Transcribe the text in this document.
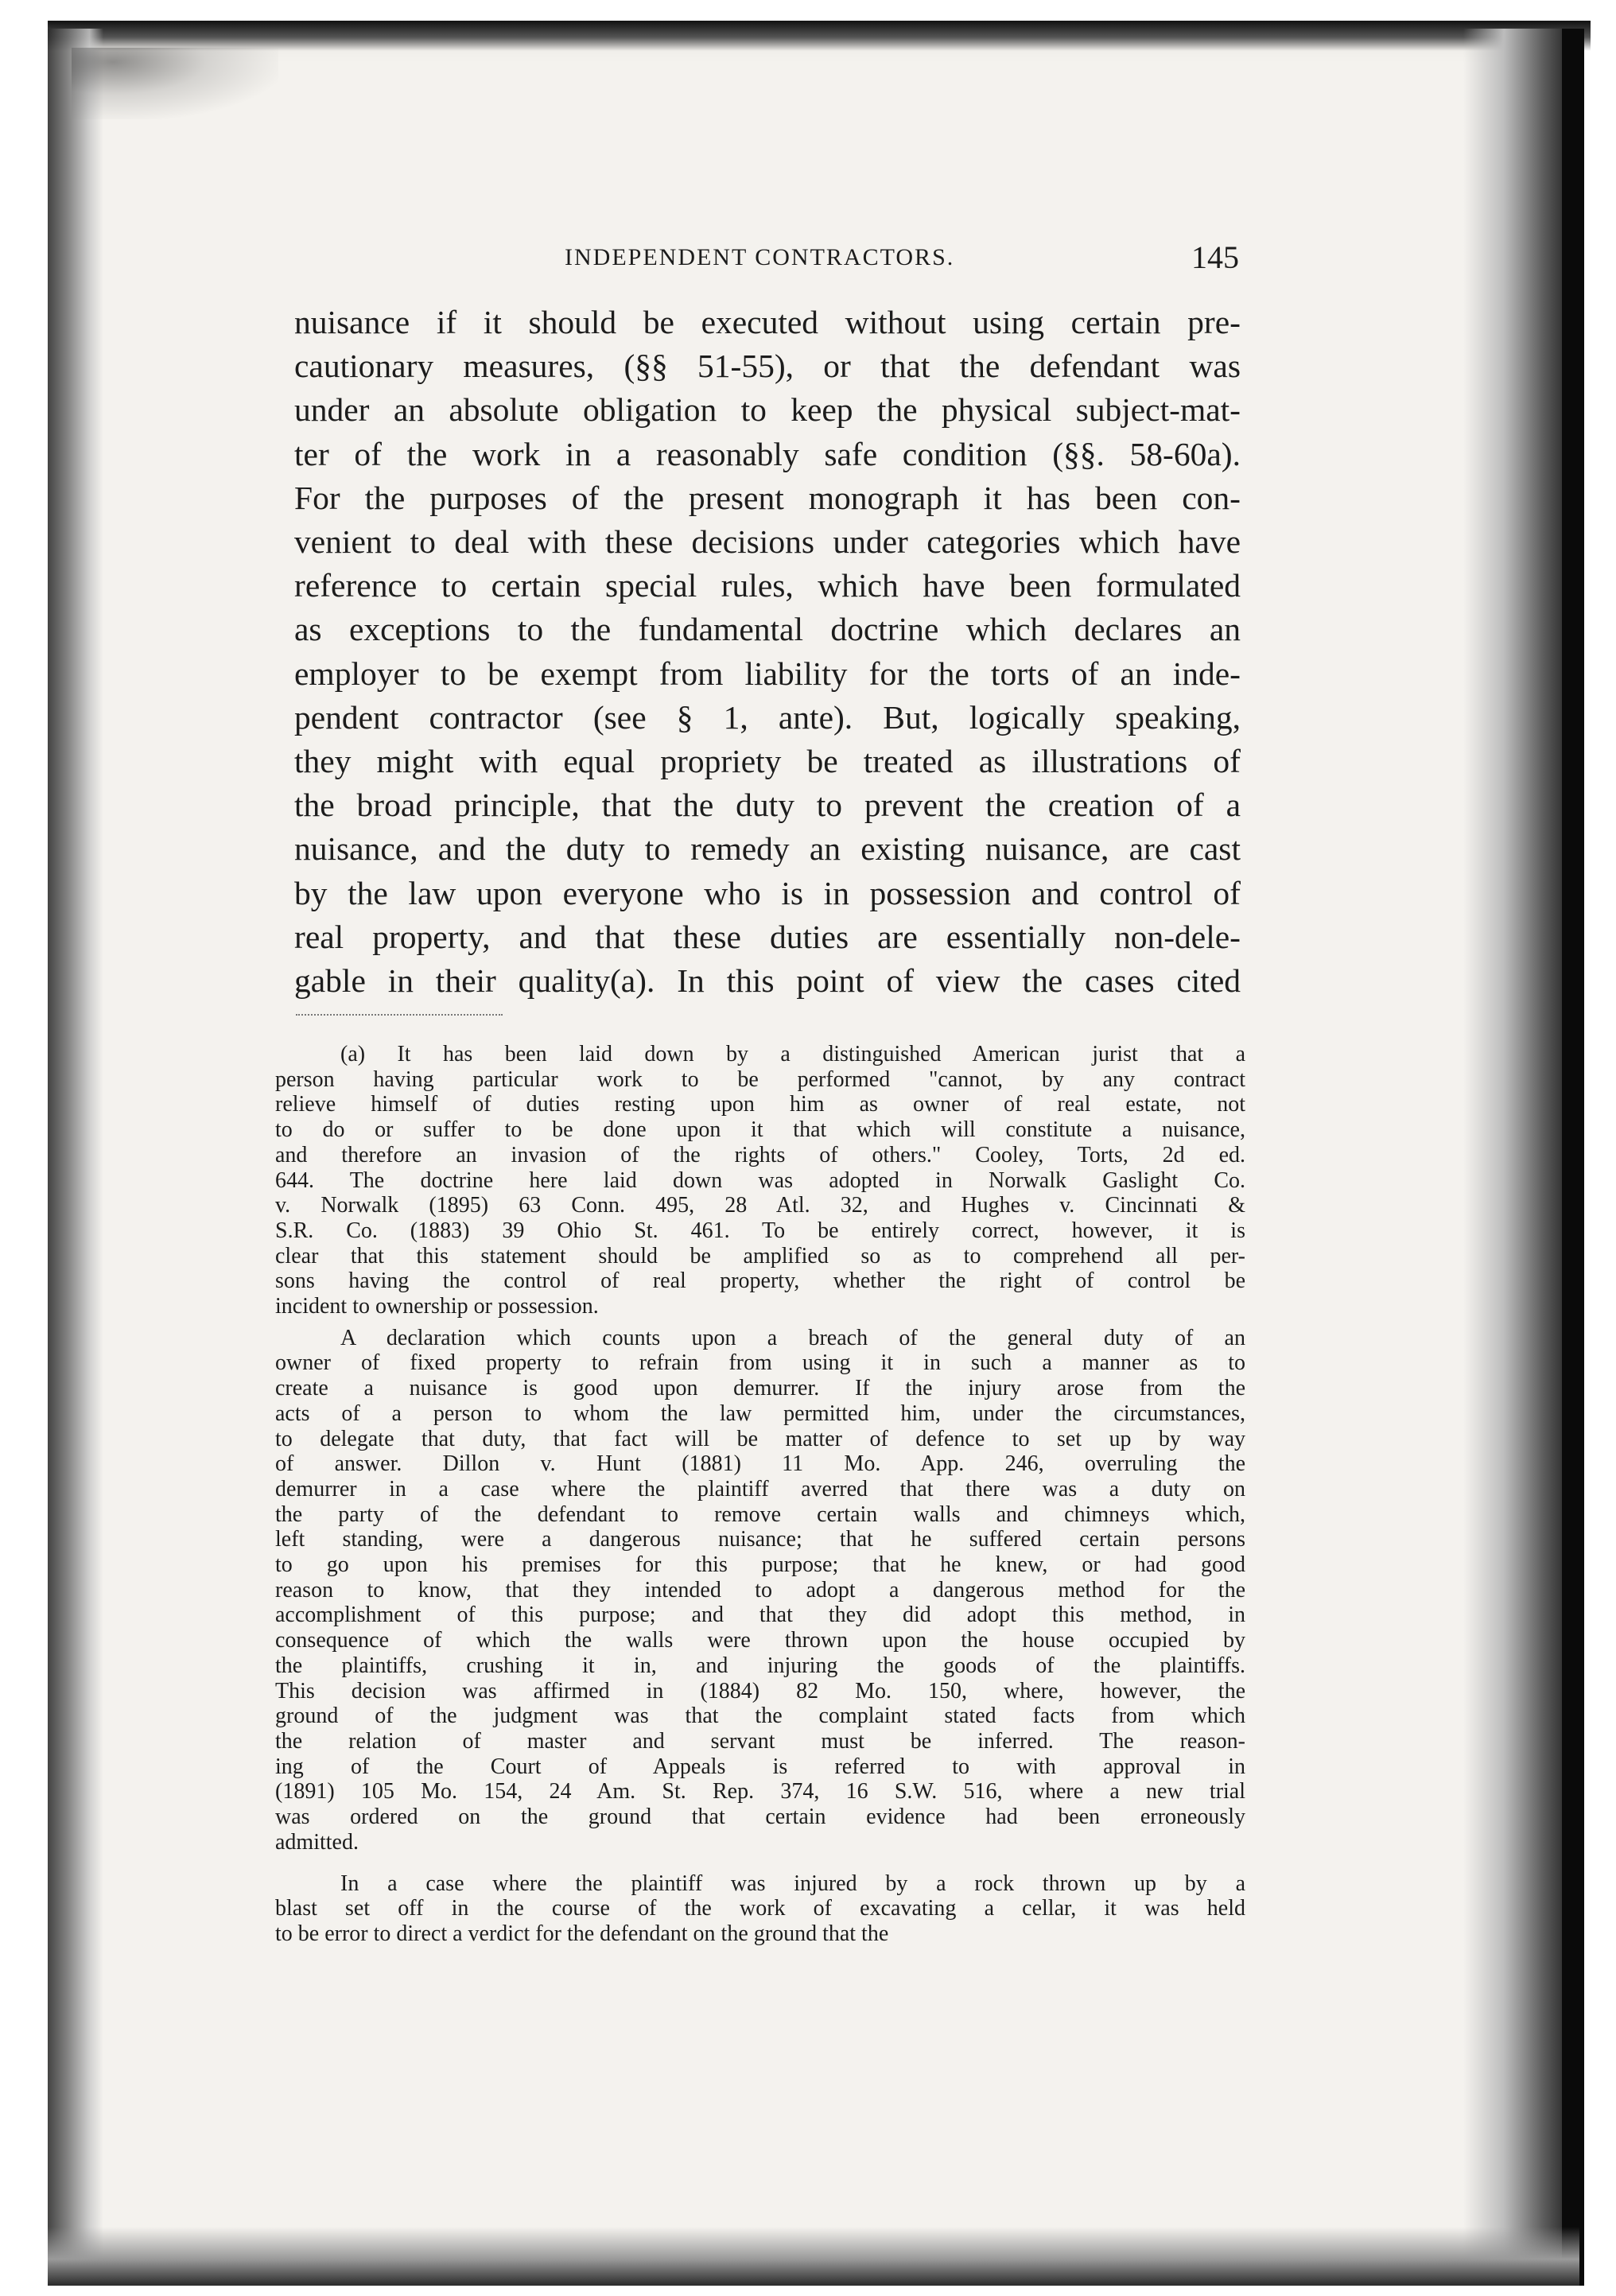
INDEPENDENT CONTRACTORS.	145
nuisance if it should be executed without using certain pre-
cautionary measures, (§§ 51-55), or that the defendant was
under an absolute obligation to keep the physical subject-mat-
ter of the work in a reasonably safe condition (§§. 58-60a).
For the purposes of the present monograph it has been con-
venient to deal with these decisions under categories which have
reference to certain special rules, which have been formulated
as exceptions to the fundamental doctrine which declares an
employer to be exempt from liability for the torts of an inde-
pendent contractor (see § 1, ante). But, logically speaking,
they might with equal propriety be treated as illustrations of
the broad principle, that the duty to prevent the creation of a
nuisance, and the duty to remedy an existing nuisance, are cast
by the law upon everyone who is in possession and control of
real property, and that these duties are essentially non-dele-
gable in their quality(a). In this point of view the cases cited
(a) It has been laid down by a distinguished American jurist that a
person having particular work to be performed "cannot, by any contract
relieve himself of duties resting upon him as owner of real estate, not
to do or suffer to be done upon it that which will constitute a nuisance,
and therefore an invasion of the rights of others." Cooley, Torts, 2d ed.
644. The doctrine here laid down was adopted in Norwalk Gaslight Co.
v. Norwalk (1895) 63 Conn. 495, 28 Atl. 32, and Hughes v. Cincinnati &
S.R. Co. (1883) 39 Ohio St. 461. To be entirely correct, however, it is
clear that this statement should be amplified so as to comprehend all per-
sons having the control of real property, whether the right of control be
incident to ownership or possession.
A declaration which counts upon a breach of the general duty of an
owner of fixed property to refrain from using it in such a manner as to
create a nuisance is good upon demurrer. If the injury arose from the
acts of a person to whom the law permitted him, under the circumstances,
to delegate that duty, that fact will be matter of defence to set up by way
of answer. Dillon v. Hunt (1881) 11 Mo. App. 246, overruling the
demurrer in a case where the plaintiff averred that there was a duty on
the party of the defendant to remove certain walls and chimneys which,
left standing, were a dangerous nuisance; that he suffered certain persons
to go upon his premises for this purpose; that he knew, or had good
reason to know, that they intended to adopt a dangerous method for the
accomplishment of this purpose; and that they did adopt this method, in
consequence of which the walls were thrown upon the house occupied by
the plaintiffs, crushing it in, and injuring the goods of the plaintiffs.
This decision was affirmed in (1884) 82 Mo. 150, where, however, the
ground of the judgment was that the complaint stated facts from which
the relation of master and servant must be inferred. The reason-
ing of the Court of Appeals is referred to with approval in
(1891) 105 Mo. 154, 24 Am. St. Rep. 374, 16 S.W. 516, where a new trial
was ordered on the ground that certain evidence had been erroneously
admitted.
In a case where the plaintiff was injured by a rock thrown up by a
blast set off in the course of the work of excavating a cellar, it was held
to be error to direct a verdict for the defendant on the ground that the
